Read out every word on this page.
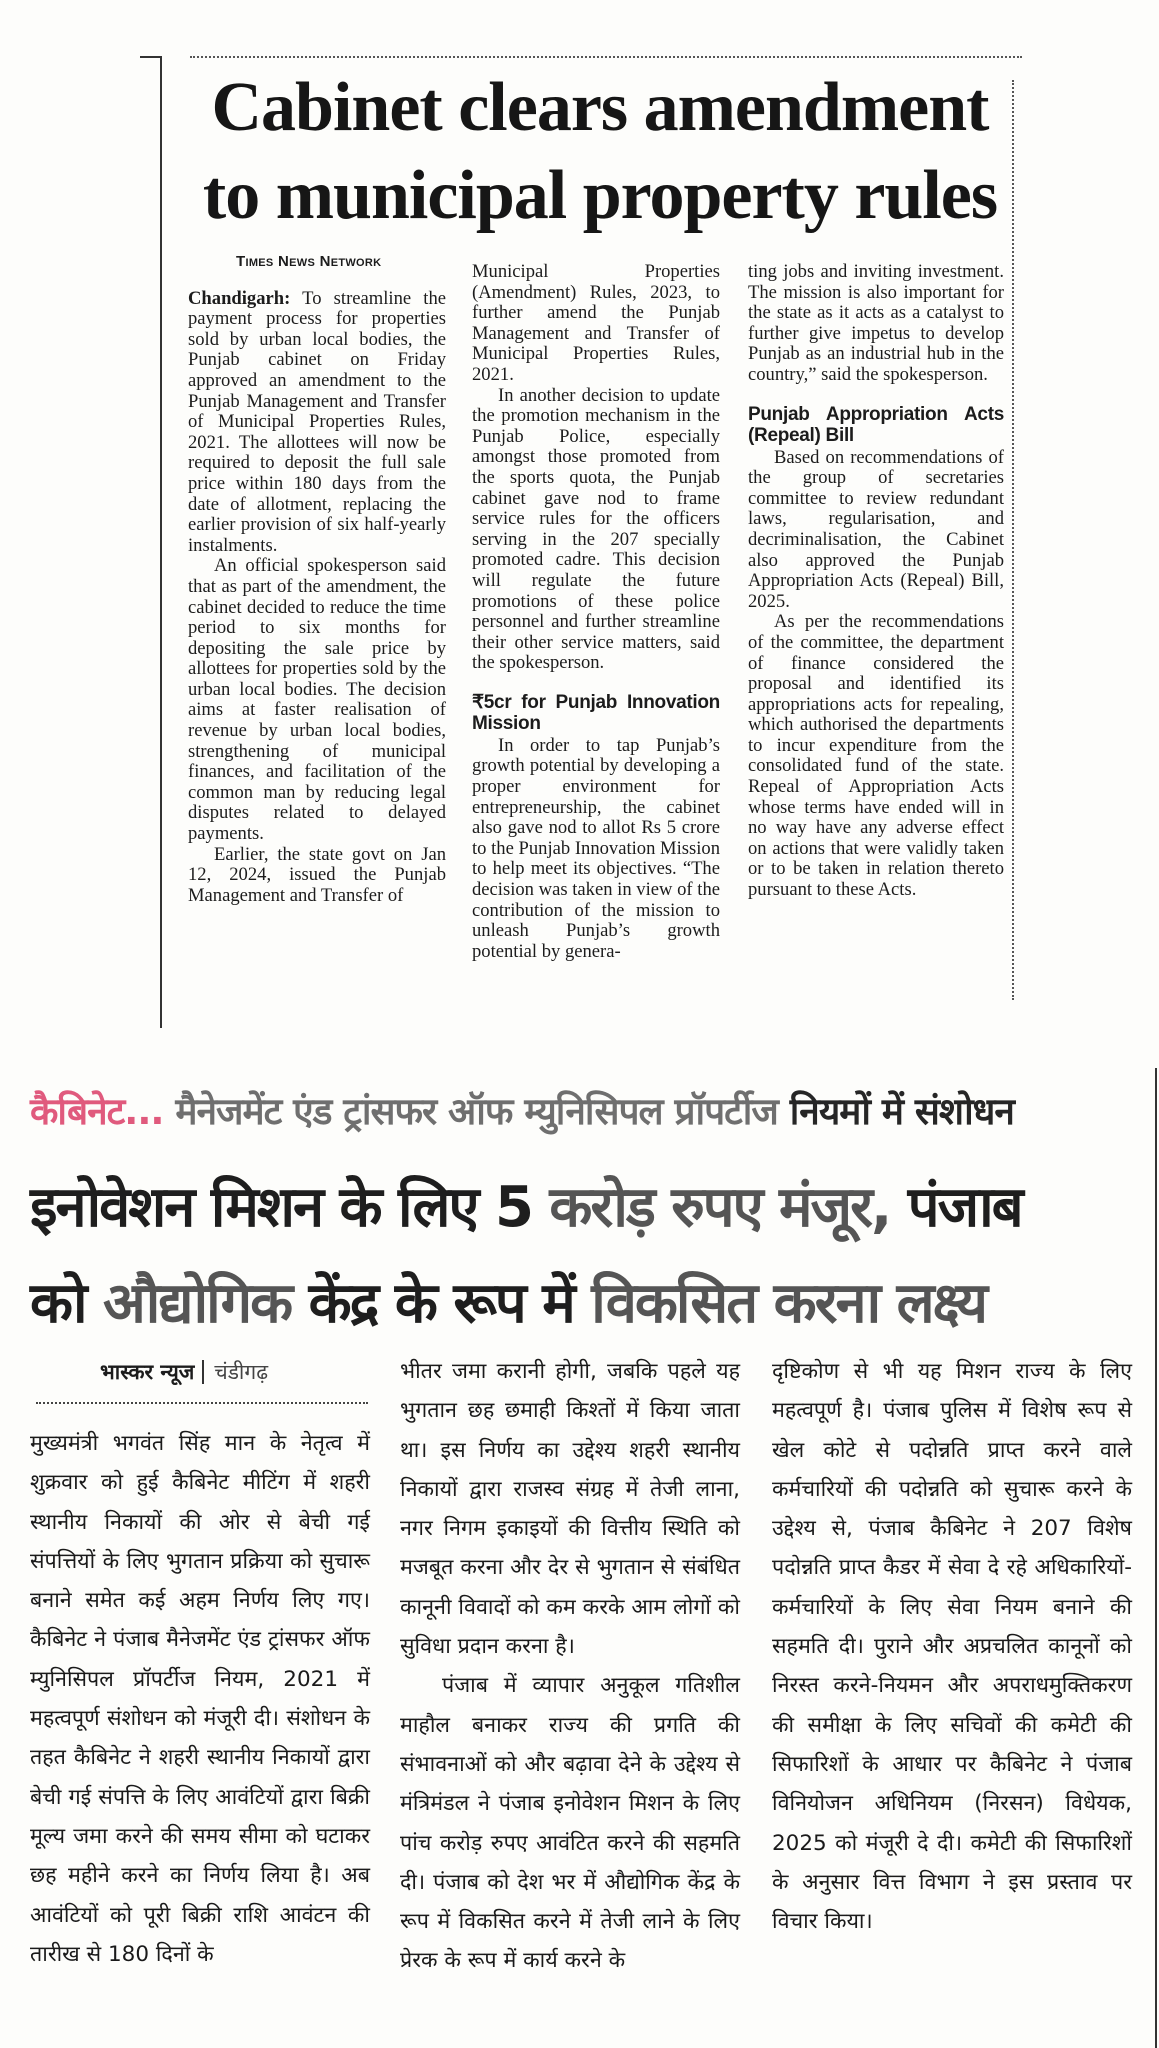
Cabinet clears amendment
to municipal property rules
Times News Network

Chandigarh: To streamline the payment process for properties sold by urban local bodies, the Punjab cabinet on Friday approved an amendment to the Punjab Management and Transfer of Municipal Properties Rules, 2021. The allottees will now be required to deposit the full sale price within 180 days from the date of allotment, replacing the earlier provision of six half-yearly instalments.

An official spokesperson said that as part of the amendment, the cabinet decided to reduce the time period to six months for depositing the sale price by allottees for properties sold by the urban local bodies. The decision aims at faster realisation of revenue by urban local bodies, strengthening of municipal finances, and facilitation of the common man by reducing legal disputes related to delayed payments.

Earlier, the state govt on Jan 12, 2024, issued the Punjab Management and Transfer of

Municipal Properties (Amendment) Rules, 2023, to further amend the Punjab Management and Transfer of Municipal Properties Rules, 2021.

In another decision to update the promotion mechanism in the Punjab Police, especially amongst those promoted from the sports quota, the Punjab cabinet gave nod to frame service rules for the officers serving in the 207 specially promoted cadre. This decision will regulate the future promotions of these police personnel and further streamline their other service matters, said the spokesperson.

₹5cr for Punjab Innovation Mission

In order to tap Punjab’s growth potential by developing a proper environment for entrepreneurship, the cabinet also gave nod to allot Rs 5 crore to the Punjab Innovation Mission to help meet its objectives. “The decision was taken in view of the contribution of the mission to unleash Punjab’s growth potential by genera-

ting jobs and inviting investment. The mission is also important for the state as it acts as a catalyst to further give impetus to develop Punjab as an industrial hub in the country,” said the spokesperson.

Punjab Appropriation Acts (Repeal) Bill

Based on recommendations of the group of secretaries committee to review redundant laws, regularisation, and decriminalisation, the Cabinet also approved the Punjab Appropriation Acts (Repeal) Bill, 2025.

As per the recommendations of the committee, the department of finance considered the proposal and identified its appropriations acts for repealing, which authorised the departments to incur expenditure from the consolidated fund of the state. Repeal of Appropriation Acts whose terms have ended will in no way have any adverse effect on actions that were validly taken or to be taken in relation thereto pursuant to these Acts.

कैबिनेट... मैनेजमेंट एंड ट्रांसफर ऑफ म्युनिसिपल प्रॉपर्टीज नियमों में संशोधन
इनोवेशन मिशन के लिए 5 करोड़ रुपए मंजूर, पंजाब
को औद्योगिक केंद्र के रूप में विकसित करना लक्ष्य
भास्कर न्यूज चंडीगढ़

मुख्यमंत्री भगवंत सिंह मान के नेतृत्व में शुक्रवार को हुई कैबिनेट मीटिंग में शहरी स्थानीय निकायों की ओर से बेची गई संपत्तियों के लिए भुगतान प्रक्रिया को सुचारू बनाने समेत कई अहम निर्णय लिए गए। कैबिनेट ने पंजाब मैनेजमेंट एंड ट्रांसफर ऑफ म्युनिसिपल प्रॉपर्टीज नियम, 2021 में महत्वपूर्ण संशोधन को मंजूरी दी। संशोधन के तहत कैबिनेट ने शहरी स्थानीय निकायों द्वारा बेची गई संपत्ति के लिए आवंटियों द्वारा बिक्री मूल्य जमा करने की समय सीमा को घटाकर छह महीने करने का निर्णय लिया है। अब आवंटियों को पूरी बिक्री राशि आवंटन की तारीख से 180 दिनों के

भीतर जमा करानी होगी, जबकि पहले यह भुगतान छह छमाही किश्तों में किया जाता था। इस निर्णय का उद्देश्य शहरी स्थानीय निकायों द्वारा राजस्व संग्रह में तेजी लाना, नगर निगम इकाइयों की वित्तीय स्थिति को मजबूत करना और देर से भुगतान से संबंधित कानूनी विवादों को कम करके आम लोगों को सुविधा प्रदान करना है।

पंजाब में व्यापार अनुकूल गतिशील माहौल बनाकर राज्य की प्रगति की संभावनाओं को और बढ़ावा देने के उद्देश्य से मंत्रिमंडल ने पंजाब इनोवेशन मिशन के लिए पांच करोड़ रुपए आवंटित करने की सहमति दी। पंजाब को देश भर में औद्योगिक केंद्र के रूप में विकसित करने में तेजी लाने के लिए प्रेरक के रूप में कार्य करने के

दृष्टिकोण से भी यह मिशन राज्य के लिए महत्वपूर्ण है। पंजाब पुलिस में विशेष रूप से खेल कोटे से पदोन्नति प्राप्त करने वाले कर्मचारियों की पदोन्नति को सुचारू करने के उद्देश्य से, पंजाब कैबिनेट ने 207 विशेष पदोन्नति प्राप्त कैडर में सेवा दे रहे अधिकारियों-कर्मचारियों के लिए सेवा नियम बनाने की सहमति दी। पुराने और अप्रचलित कानूनों को निरस्त करने-नियमन और अपराधमुक्तिकरण की समीक्षा के लिए सचिवों की कमेटी की सिफारिशों के आधार पर कैबिनेट ने पंजाब विनियोजन अधिनियम (निरसन) विधेयक, 2025 को मंजूरी दे दी। कमेटी की सिफारिशों के अनुसार वित्त विभाग ने इस प्रस्ताव पर विचार किया।
